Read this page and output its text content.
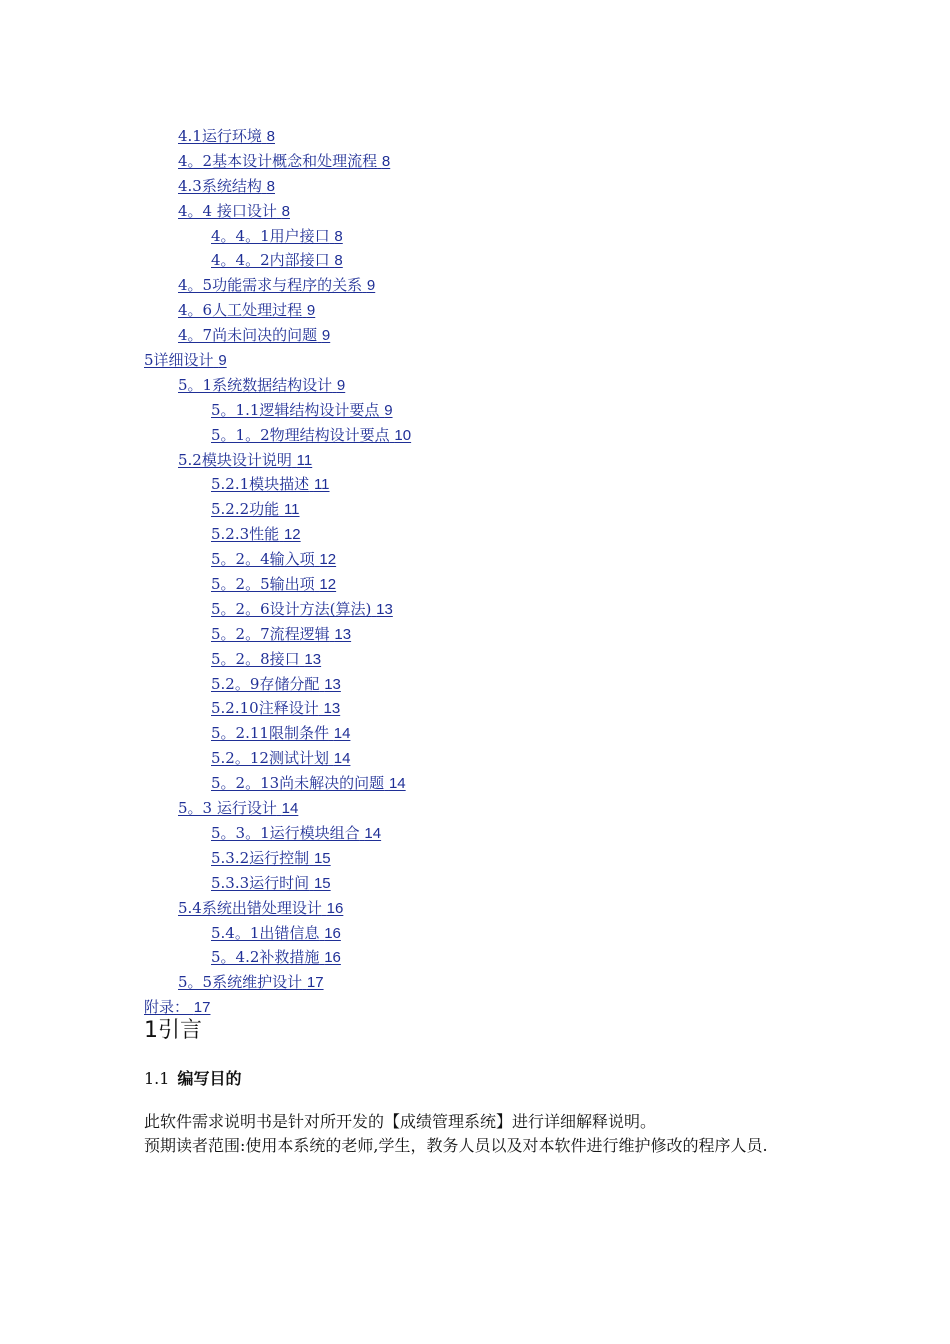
4.1运行环境 8
4。2基本设计概念和处理流程 8
4.3系统结构 8
4。4 接口设计 8
4。4。1用户接口 8
4。4。2内部接口 8
4。5功能需求与程序的关系 9
4。6人工处理过程 9
4。7尚未问决的问题 9
5详细设计 9
5。1系统数据结构设计 9
5。1.1逻辑结构设计要点 9
5。1。2物理结构设计要点 10
5.2模块设计说明 11
5.2.1模块描述 11
5.2.2功能 11
5.2.3性能 12
5。2。4输入项 12
5。2。5输出项 12
5。2。6设计方法(算法) 13
5。2。7流程逻辑 13
5。2。8接口 13
5.2。9存储分配 13
5.2.10注释设计 13
5。2.11限制条件 14
5.2。12测试计划 14
5。2。13尚未解决的问题 14
5。3 运行设计 14
5。3。1运行模块组合 14
5.3.2运行控制 15
5.3.3运行时间 15
5.4系统出错处理设计 16
5.4。1出错信息 16
5。4.2补救措施 16
5。5系统维护设计 17
附录： 17
1引言
1.1 编写目的

此软件需求说明书是针对所开发的【成绩管理系统】进行详细解释说明。

预期读者范围:使用本系统的老师,学生，教务人员以及对本软件进行维护修改的程序人员.
